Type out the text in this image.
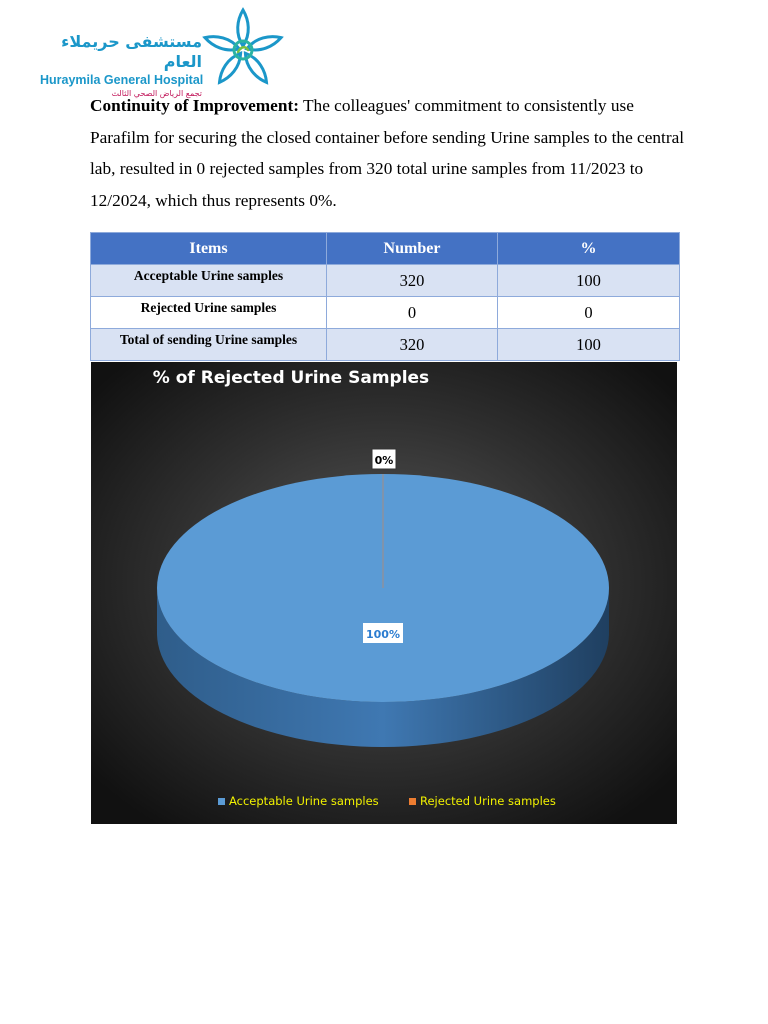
مستشفى حريملاء العام
Huraymila General Hospital
تجمع الرياض الصحي الثالث

Continuity of Improvement: The colleagues' commitment to consistently use Parafilm for securing the closed container before sending Urine samples to the central lab, resulted in 0 rejected samples from 320 total urine samples from 11/2023 to 12/2024, which thus represents 0%.

Items	Number	%
Acceptable Urine samples	320	100
Rejected Urine samples	0	0
Total of sending Urine samples	320	100
% of Rejected Urine Samples
100%
0%
Acceptable Urine samples	Rejected Urine samples
